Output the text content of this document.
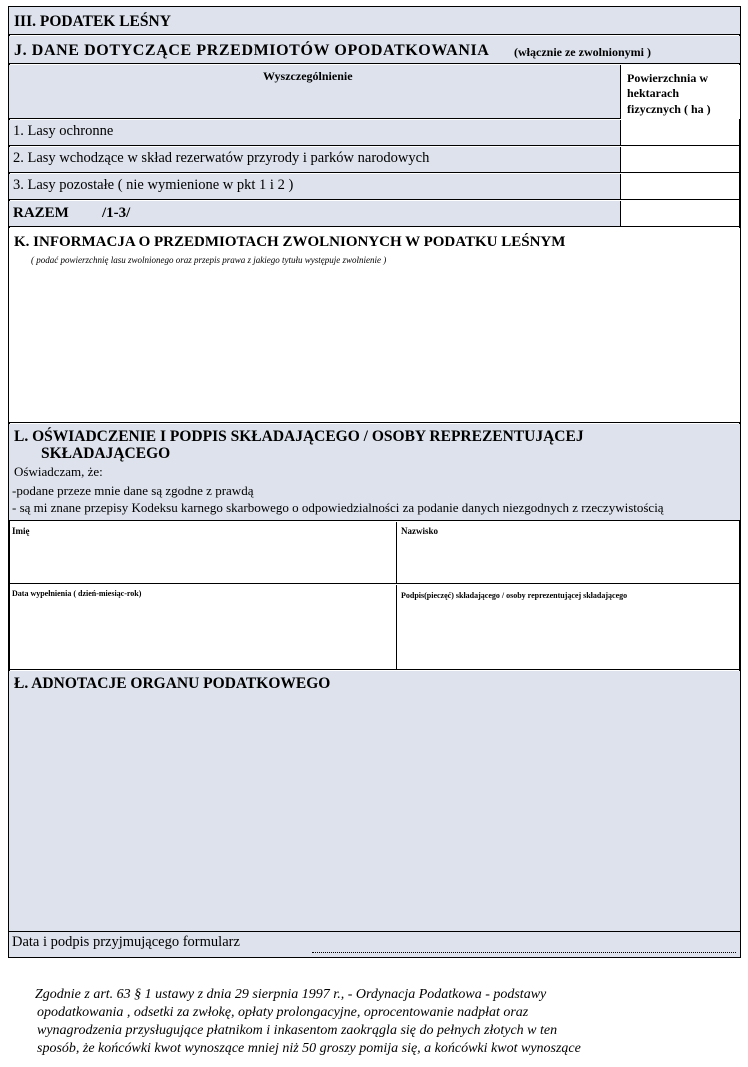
III. PODATEK LEŚNY
J. DANE DOTYCZĄCE PRZEDMIOTÓW OPODATKOWANIA (włącznie ze zwolnionymi )
Wyszczególnienie	Powierzchnia w
hektarach
fizycznych ( ha )
1. Lasy ochronne
2. Lasy wchodzące w skład rezerwatów przyrody i parków narodowych
3. Lasy pozostałe ( nie wymienione w pkt 1 i 2 )
RAZEM /1-3/
K. INFORMACJA O PRZEDMIOTACH ZWOLNIONYCH W PODATKU LEŚNYM
( podać powierzchnię lasu zwolnionego oraz przepis prawa z jakiego tytułu występuje zwolnienie )
L. OŚWIADCZENIE I PODPIS SKŁADAJĄCEGO / OSOBY REPREZENTUJĄCEJ
SKŁADAJĄCEGO
Oświadczam, że:
-podane przeze mnie dane są zgodne z prawdą
- są mi znane przepisy Kodeksu karnego skarbowego o odpowiedzialności za podanie danych niezgodnych z rzeczywistością
Imię	Nazwisko
Data wypełnienia ( dzień-miesiąc-rok)	Podpis(pieczęć) składającego / osoby reprezentującej składającego
Ł. ADNOTACJE ORGANU PODATKOWEGO
Data i podpis przyjmującego formularz
Zgodnie z art. 63 § 1 ustawy z dnia 29 sierpnia 1997 r., - Ordynacja Podatkowa - podstawy
opodatkowania , odsetki za zwłokę, opłaty prolongacyjne, oprocentowanie nadpłat oraz
wynagrodzenia przysługujące płatnikom i inkasentom zaokrągla się do pełnych złotych w ten
sposób, że końcówki kwot wynoszące mniej niż 50 groszy pomija się, a końcówki kwot wynoszące
